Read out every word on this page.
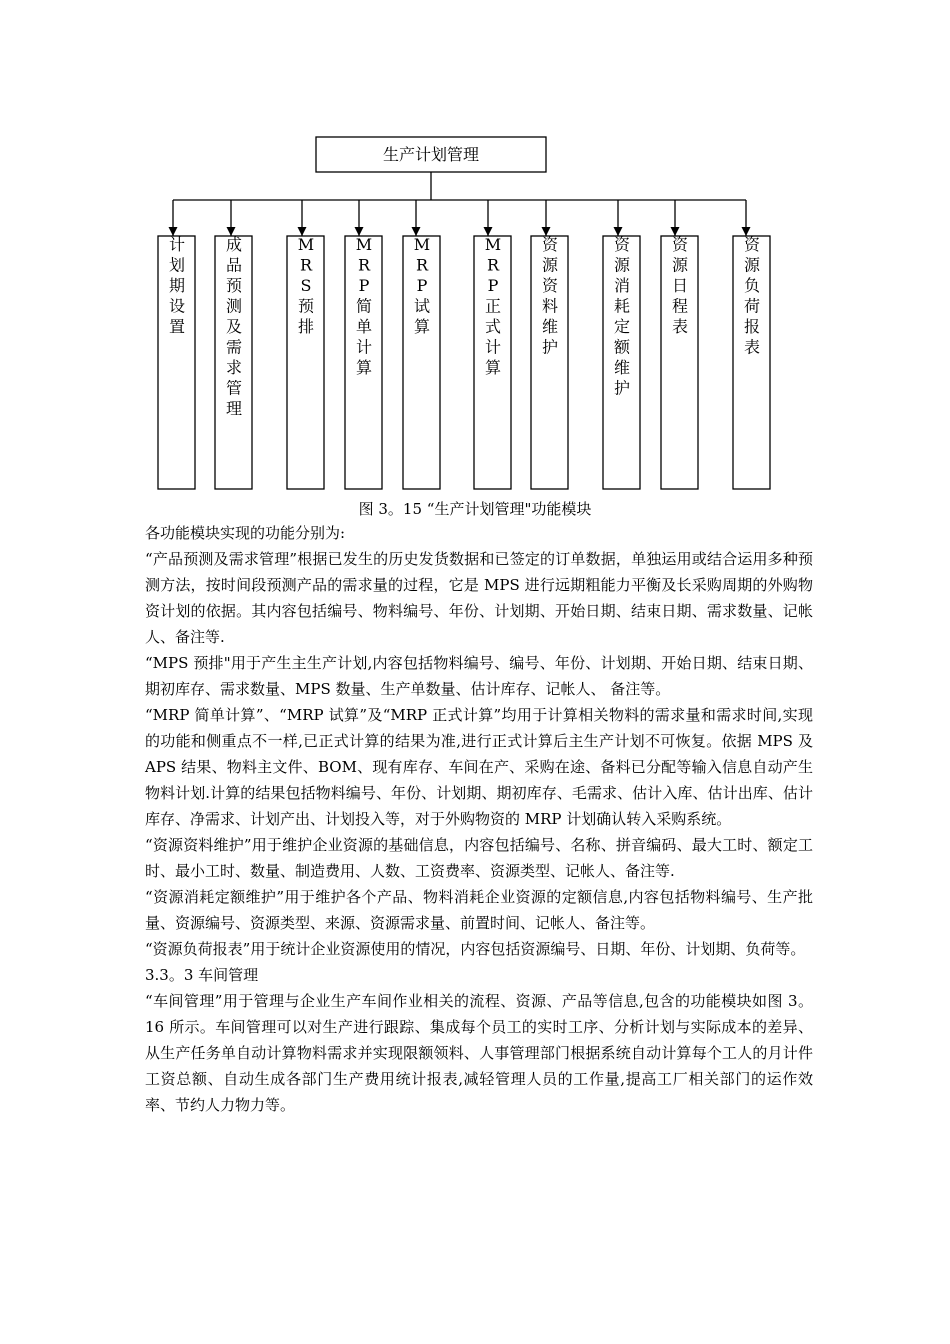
生产计划管理
计划期设置
成品预测及需求管理
M R S 预排
M R P 简单计算
M R P 试算
M R P 正式计算
资源资料维护
资源消耗定额维护
资源日程表
资源负荷报表
图 3。15 “生产计划管理"功能模块

各功能模块实现的功能分别为:

“产品预测及需求管理”根据已发生的历史发货数据和已签定的订单数据，单独运用或结合运用多种预测方法，按时间段预测产品的需求量的过程，它是 MPS 进行远期粗能力平衡及长采购周期的外购物资计划的依据。其内容包括编号、物料编号、年份、计划期、开始日期、结束日期、需求数量、记帐人、备注等.

“MPS 预排"用于产生主生产计划,内容包括物料编号、编号、年份、计划期、开始日期、结束日期、期初库存、需求数量、MPS 数量、生产单数量、估计库存、记帐人、 备注等。

“MRP 简单计算”、“MRP 试算”及“MRP 正式计算”均用于计算相关物料的需求量和需求时间,实现的功能和侧重点不一样,已正式计算的结果为准,进行正式计算后主生产计划不可恢复。依据 MPS 及 APS 结果、物料主文件、BOM、现有库存、车间在产、采购在途、备料已分配等输入信息自动产生物料计划.计算的结果包括物料编号、年份、计划期、期初库存、毛需求、估计入库、估计出库、估计库存、净需求、计划产出、计划投入等，对于外购物资的 MRP 计划确认转入采购系统。

“资源资料维护”用于维护企业资源的基础信息，内容包括编号、名称、拼音编码、最大工时、额定工时、最小工时、数量、制造费用、人数、工资费率、资源类型、记帐人、备注等.

“资源消耗定额维护”用于维护各个产品、物料消耗企业资源的定额信息,内容包括物料编号、生产批量、资源编号、资源类型、来源、资源需求量、前置时间、记帐人、备注等。

“资源负荷报表”用于统计企业资源使用的情况，内容包括资源编号、日期、年份、计划期、负荷等。

3.3。3 车间管理

“车间管理”用于管理与企业生产车间作业相关的流程、资源、产品等信息,包含的功能模块如图 3。16 所示。车间管理可以对生产进行跟踪、集成每个员工的实时工序、分析计划与实际成本的差异、从生产任务单自动计算物料需求并实现限额领料、人事管理部门根据系统自动计算每个工人的月计件工资总额、自动生成各部门生产费用统计报表,减轻管理人员的工作量,提高工厂相关部门的运作效率、节约人力物力等。
